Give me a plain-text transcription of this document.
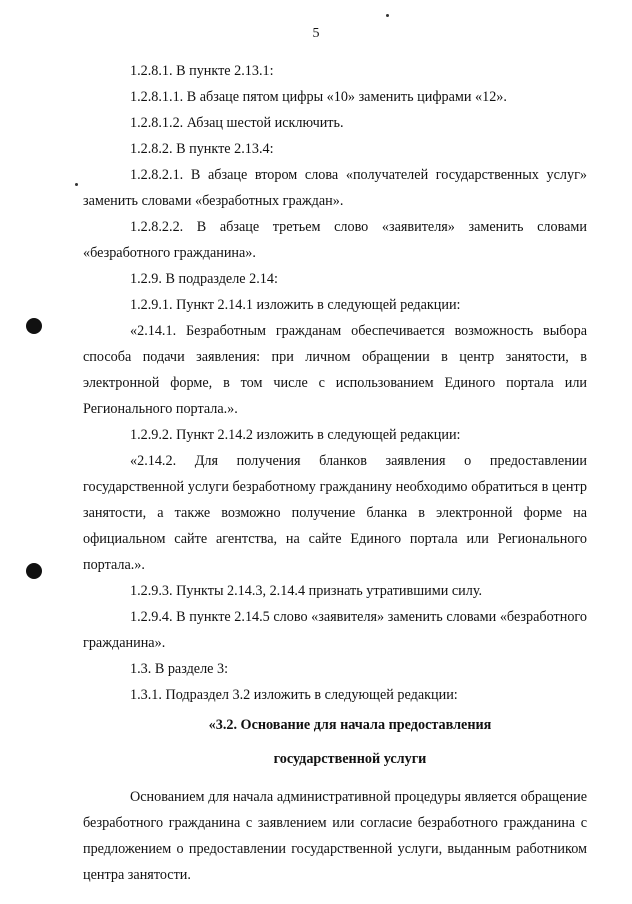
5

1.2.8.1. В пункте 2.13.1:

1.2.8.1.1. В абзаце пятом цифры «10» заменить цифрами «12».

1.2.8.1.2. Абзац шестой исключить.

1.2.8.2. В пункте 2.13.4:

1.2.8.2.1. В абзаце втором слова «получателей государственных услуг» заменить словами «безработных граждан».

1.2.8.2.2. В абзаце третьем слово «заявителя» заменить словами «безработного гражданина».

1.2.9. В подразделе 2.14:

1.2.9.1. Пункт 2.14.1 изложить в следующей редакции:

«2.14.1. Безработным гражданам обеспечивается возможность выбора способа подачи заявления: при личном обращении в центр занятости, в электронной форме, в том числе с использованием Единого портала или Регионального портала.».

1.2.9.2. Пункт 2.14.2 изложить в следующей редакции:

«2.14.2. Для получения бланков заявления о предоставлении государственной услуги безработному гражданину необходимо обратиться в центр занятости, а также возможно получение бланка в электронной форме на официальном сайте агентства, на сайте Единого портала или Регионального портала.».

1.2.9.3. Пункты 2.14.3, 2.14.4 признать утратившими силу.

1.2.9.4. В пункте 2.14.5 слово «заявителя» заменить словами «безработного гражданина».

1.3. В разделе 3:

1.3.1. Подраздел 3.2 изложить в следующей редакции:

«3.2. Основание для начала предоставления
государственной услуги

Основанием для начала административной процедуры является обращение безработного гражданина с заявлением или согласие безработного гражданина с предложением о предоставлении государственной услуги, выданным работником центра занятости.
